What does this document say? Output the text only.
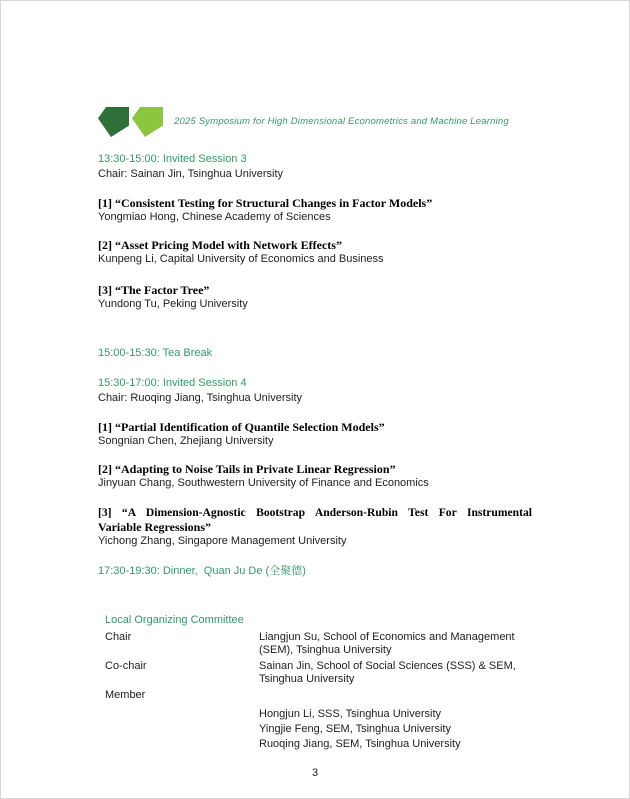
2025 Symposium for High Dimensional Econometrics and Machine Learning
13:30-15:00: Invited Session 3
Chair: Sainan Jin, Tsinghua University
[1] “Consistent Testing for Structural Changes in Factor Models”
Yongmiao Hong, Chinese Academy of Sciences
[2] “Asset Pricing Model with Network Effects”
Kunpeng Li, Capital University of Economics and Business
[3] “The Factor Tree”
Yundong Tu, Peking University
15:00-15:30: Tea Break
15:30-17:00: Invited Session 4
Chair: Ruoqing Jiang, Tsinghua University
[1] “Partial Identification of Quantile Selection Models”
Songnian Chen, Zhejiang University
[2] “Adapting to Noise Tails in Private Linear Regression”
Jinyuan Chang, Southwestern University of Finance and Economics
[3] “A Dimension-Agnostic Bootstrap Anderson-Rubin Test For Instrumental
Variable Regressions”
Yichong Zhang, Singapore Management University
17:30-19:30: Dinner,  Quan Ju De (全聚德)
Local Organizing Committee
Chair	Liangjun Su, School of Economics and Management (SEM), Tsinghua University
Co-chair	Sainan Jin, School of Social Sciences (SSS) & SEM, Tsinghua University
Member
Hongjun Li, SSS, Tsinghua University
Yingjie Feng, SEM, Tsinghua University
Ruoqing Jiang, SEM, Tsinghua University
3
